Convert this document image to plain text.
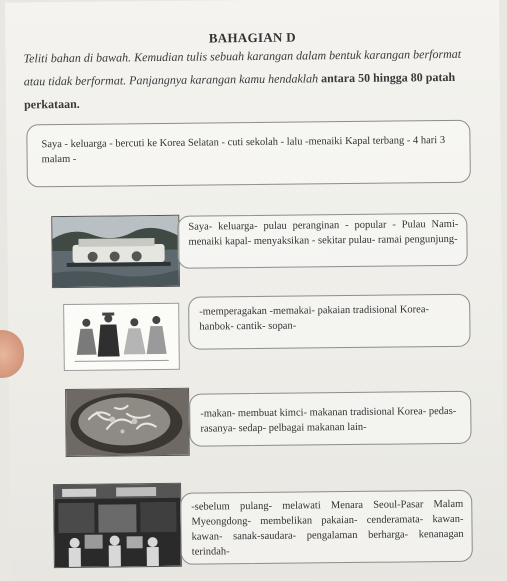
BAHAGIAN D
Teliti bahan di bawah. Kemudian tulis sebuah karangan dalam bentuk karangan berformat
atau tidak berformat. Panjangnya karangan kamu hendaklah antara 50 hingga 80 patah
perkataan.
Saya - keluarga - bercuti ke Korea Selatan - cuti sekolah - lalu -menaiki Kapal terbang - 4 hari 3 malam -
Saya- keluarga- pulau peranginan - popular - Pulau Nami- menaiki kapal- menyaksikan - sekitar pulau- ramai pengunjung-
-memperagakan -memakai- pakaian tradisional Korea- hanbok- cantik- sopan-
-makan- membuat kimci- makanan tradisional Korea- pedas- rasanya- sedap- pelbagai makanan lain-
-sebelum pulang- melawati Menara Seoul-Pasar Malam Myeongdong- membelikan pakaian- cenderamata- kawan- kawan- sanak-saudara- pengalaman berharga- kenanagan terindah-
